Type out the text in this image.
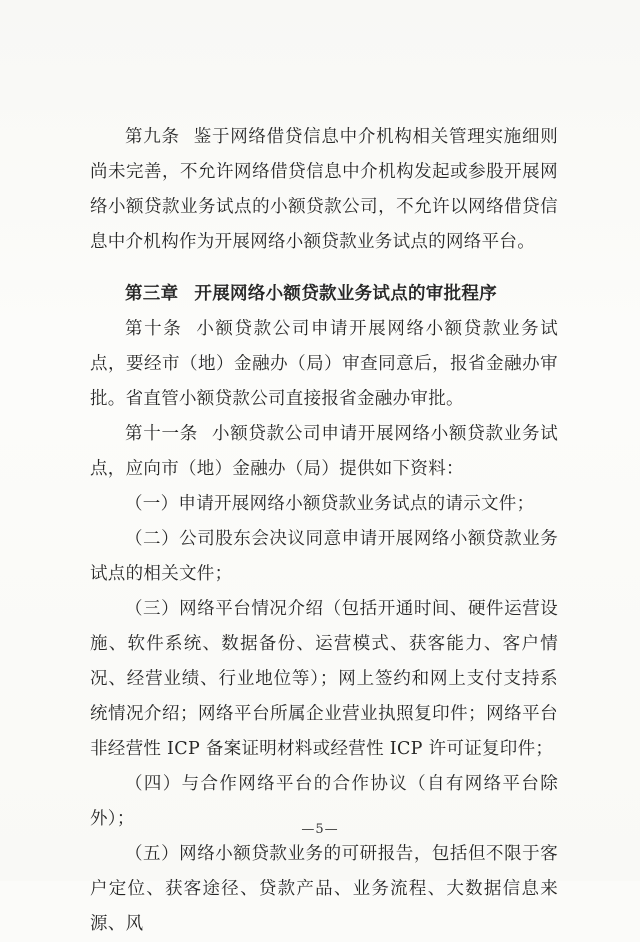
第九条 鉴于网络借贷信息中介机构相关管理实施细则尚未完善，不允许网络借贷信息中介机构发起或参股开展网络小额贷款业务试点的小额贷款公司，不允许以网络借贷信息中介机构作为开展网络小额贷款业务试点的网络平台。

第三章 开展网络小额贷款业务试点的审批程序

第十条 小额贷款公司申请开展网络小额贷款业务试点，要经市（地）金融办（局）审查同意后，报省金融办审批。省直管小额贷款公司直接报省金融办审批。

第十一条 小额贷款公司申请开展网络小额贷款业务试点，应向市（地）金融办（局）提供如下资料：

（一）申请开展网络小额贷款业务试点的请示文件；

（二）公司股东会决议同意申请开展网络小额贷款业务试点的相关文件；

（三）网络平台情况介绍（包括开通时间、硬件运营设施、软件系统、数据备份、运营模式、获客能力、客户情况、经营业绩、行业地位等）；网上签约和网上支付支持系统情况介绍；网络平台所属企业营业执照复印件；网络平台非经营性 ICP 备案证明材料或经营性 ICP 许可证复印件；

（四）与合作网络平台的合作协议（自有网络平台除外）；

（五）网络小额贷款业务的可研报告，包括但不限于客户定位、获客途径、贷款产品、业务流程、大数据信息来源、风

—5—
